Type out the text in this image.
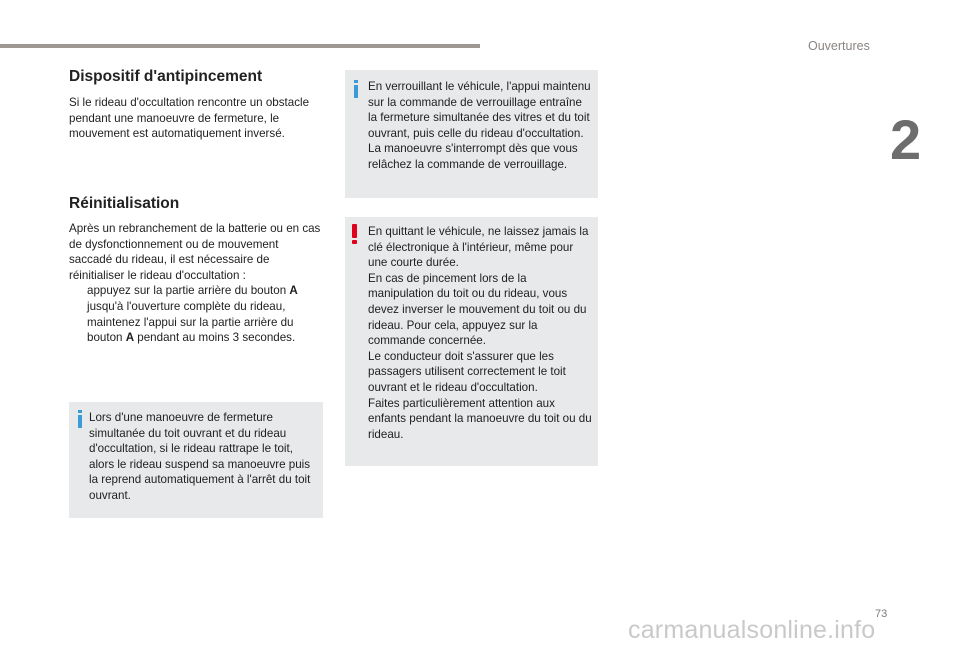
Ouvertures
2
Dispositif d'antipincement
Si le rideau d'occultation rencontre un obstacle pendant une manoeuvre de fermeture, le mouvement est automatiquement inversé.
Réinitialisation
Après un rebranchement de la batterie ou en cas de dysfonctionnement ou de mouvement saccadé du rideau, il est nécessaire de réinitialiser le rideau d'occultation :
appuyez sur la partie arrière du bouton A jusqu'à l'ouverture complète du rideau,
maintenez l'appui sur la partie arrière du bouton A pendant au moins 3 secondes.
Lors d'une manoeuvre de fermeture simultanée du toit ouvrant et du rideau d'occultation, si le rideau rattrape le toit, alors le rideau suspend sa manoeuvre puis la reprend automatiquement à l'arrêt du toit ouvrant.
En verrouillant le véhicule, l'appui maintenu sur la commande de verrouillage entraîne la fermeture simultanée des vitres et du toit ouvrant, puis celle du rideau d'occultation. La manoeuvre s'interrompt dès que vous relâchez la commande de verrouillage.

En quittant le véhicule, ne laissez jamais la clé électronique à l'intérieur, même pour une courte durée.

En cas de pincement lors de la manipulation du toit ou du rideau, vous devez inverser le mouvement du toit ou du rideau. Pour cela, appuyez sur la commande concernée.

Le conducteur doit s'assurer que les passagers utilisent correctement le toit ouvrant et le rideau d'occultation.

Faites particulièrement attention aux enfants pendant la manoeuvre du toit ou du rideau.

73
carmanualsonline.info
